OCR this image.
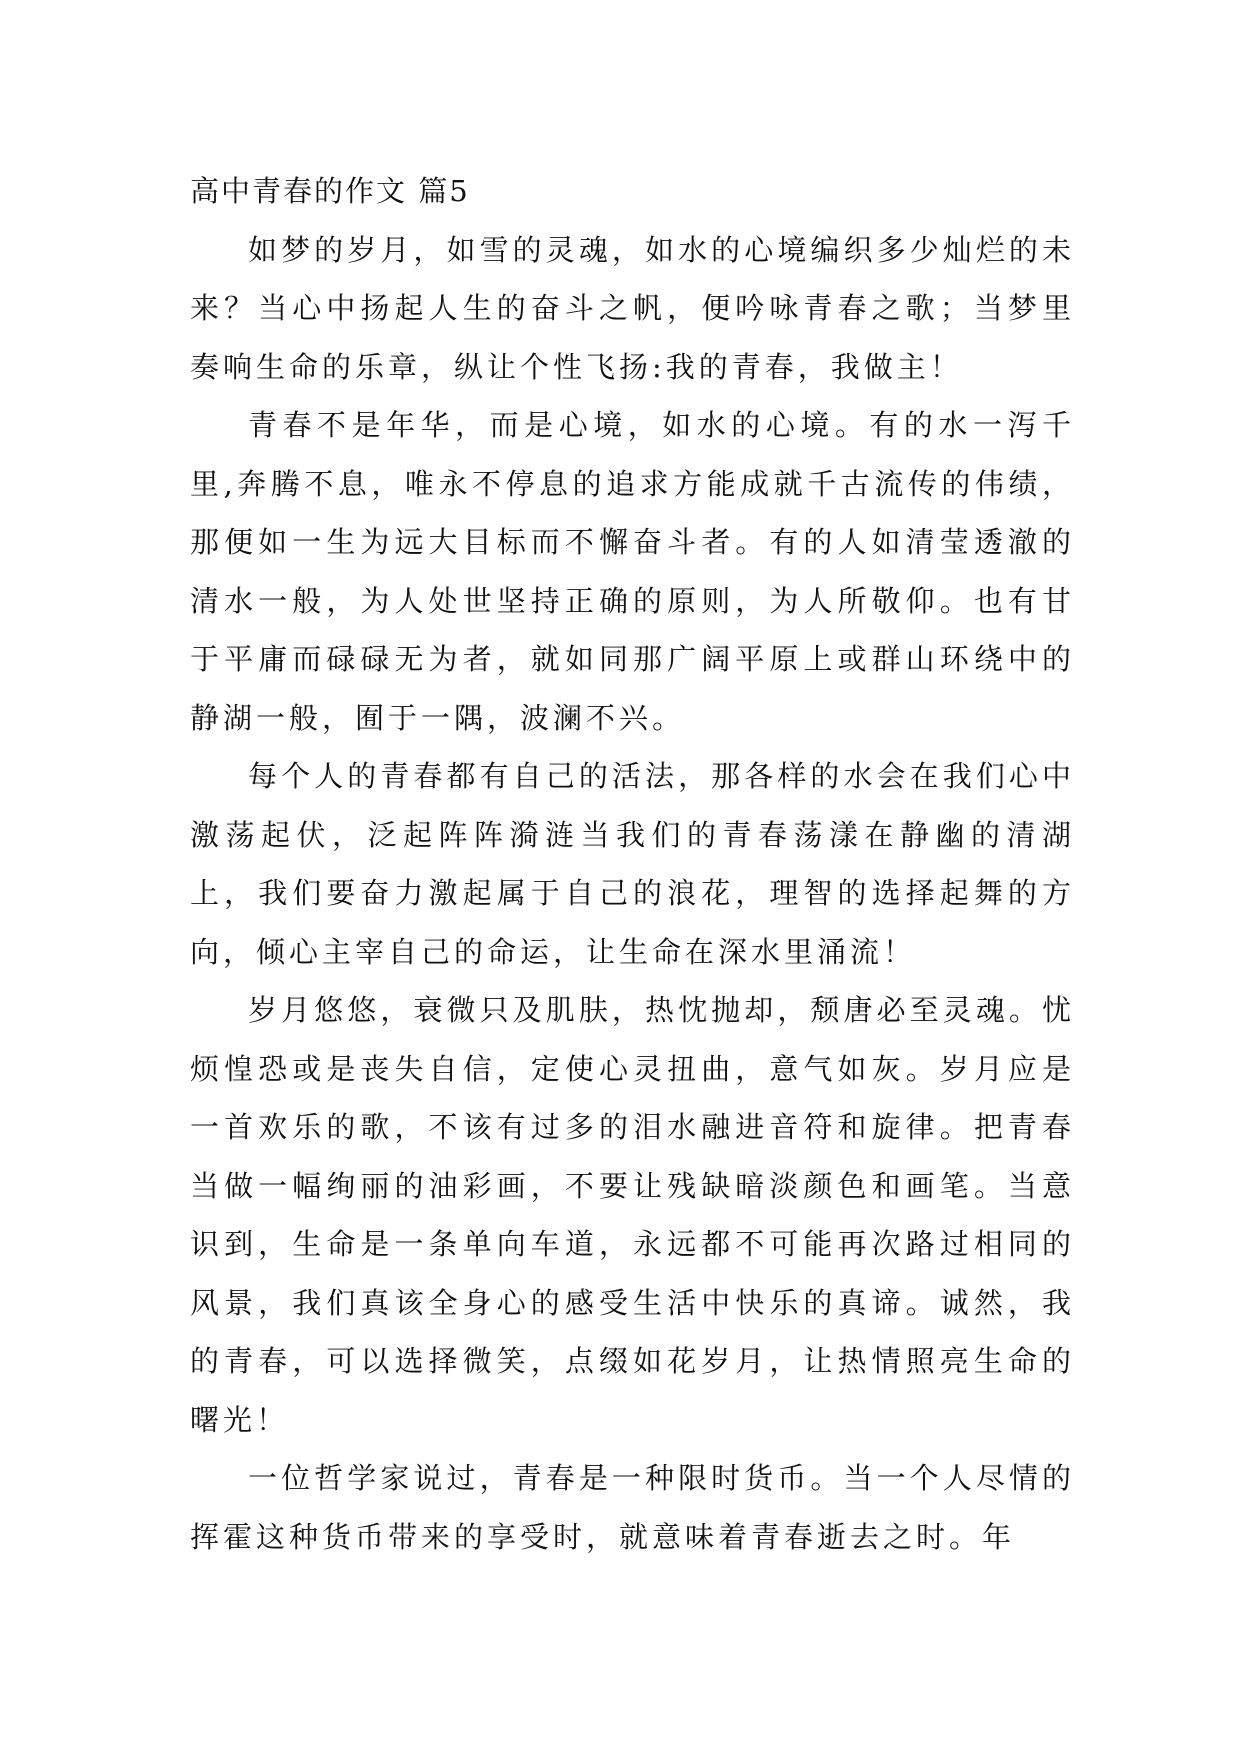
高中青春的作文 篇5

如梦的岁月，如雪的灵魂，如水的心境编织多少灿烂的未来？当心中扬起人生的奋斗之帆，便吟咏青春之歌；当梦里奏响生命的乐章，纵让个性飞扬:我的青春，我做主！

青春不是年华，而是心境，如水的心境。有的水一泻千里,奔腾不息，唯永不停息的追求方能成就千古流传的伟绩，那便如一生为远大目标而不懈奋斗者。有的人如清莹透澈的清水一般，为人处世坚持正确的原则，为人所敬仰。也有甘于平庸而碌碌无为者，就如同那广阔平原上或群山环绕中的静湖一般，囿于一隅，波澜不兴。

每个人的青春都有自己的活法，那各样的水会在我们心中激荡起伏，泛起阵阵漪涟当我们的青春荡漾在静幽的清湖上，我们要奋力激起属于自己的浪花，理智的选择起舞的方向，倾心主宰自己的命运，让生命在深水里涌流！

岁月悠悠，衰微只及肌肤，热忱抛却，颓唐必至灵魂。忧烦惶恐或是丧失自信，定使心灵扭曲，意气如灰。岁月应是一首欢乐的歌，不该有过多的泪水融进音符和旋律。把青春当做一幅绚丽的油彩画，不要让残缺暗淡颜色和画笔。当意识到，生命是一条单向车道，永远都不可能再次路过相同的风景，我们真该全身心的感受生活中快乐的真谛。诚然，我的青春，可以选择微笑，点缀如花岁月，让热情照亮生命的曙光！

一位哲学家说过，青春是一种限时货币。当一个人尽情的挥霍这种货币带来的享受时，就意味着青春逝去之时。年
